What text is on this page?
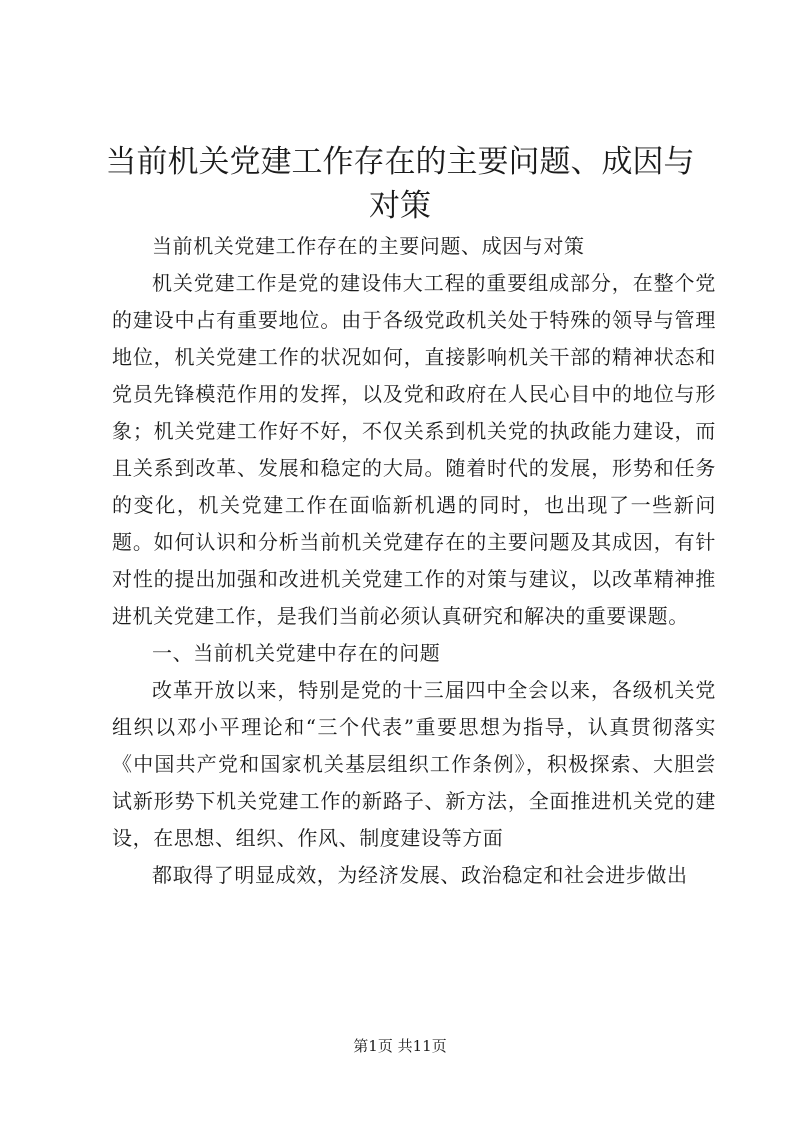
当前机关党建工作存在的主要问题、成因与对策

当前机关党建工作存在的主要问题、成因与对策

机关党建工作是党的建设伟大工程的重要组成部分，在整个党的建设中占有重要地位。由于各级党政机关处于特殊的领导与管理地位，机关党建工作的状况如何，直接影响机关干部的精神状态和党员先锋模范作用的发挥，以及党和政府在人民心目中的地位与形象；机关党建工作好不好，不仅关系到机关党的执政能力建设，而且关系到改革、发展和稳定的大局。随着时代的发展，形势和任务的变化，机关党建工作在面临新机遇的同时，也出现了一些新问题。如何认识和分析当前机关党建存在的主要问题及其成因，有针对性的提出加强和改进机关党建工作的对策与建议，以改革精神推进机关党建工作，是我们当前必须认真研究和解决的重要课题。

一、当前机关党建中存在的问题

改革开放以来，特别是党的十三届四中全会以来，各级机关党组织以邓小平理论和“三个代表”重要思想为指导，认真贯彻落实《中国共产党和国家机关基层组织工作条例》，积极探索、大胆尝试新形势下机关党建工作的新路子、新方法，全面推进机关党的建设，在思想、组织、作风、制度建设等方面

都取得了明显成效，为经济发展、政治稳定和社会进步做出

第1页 共11页
